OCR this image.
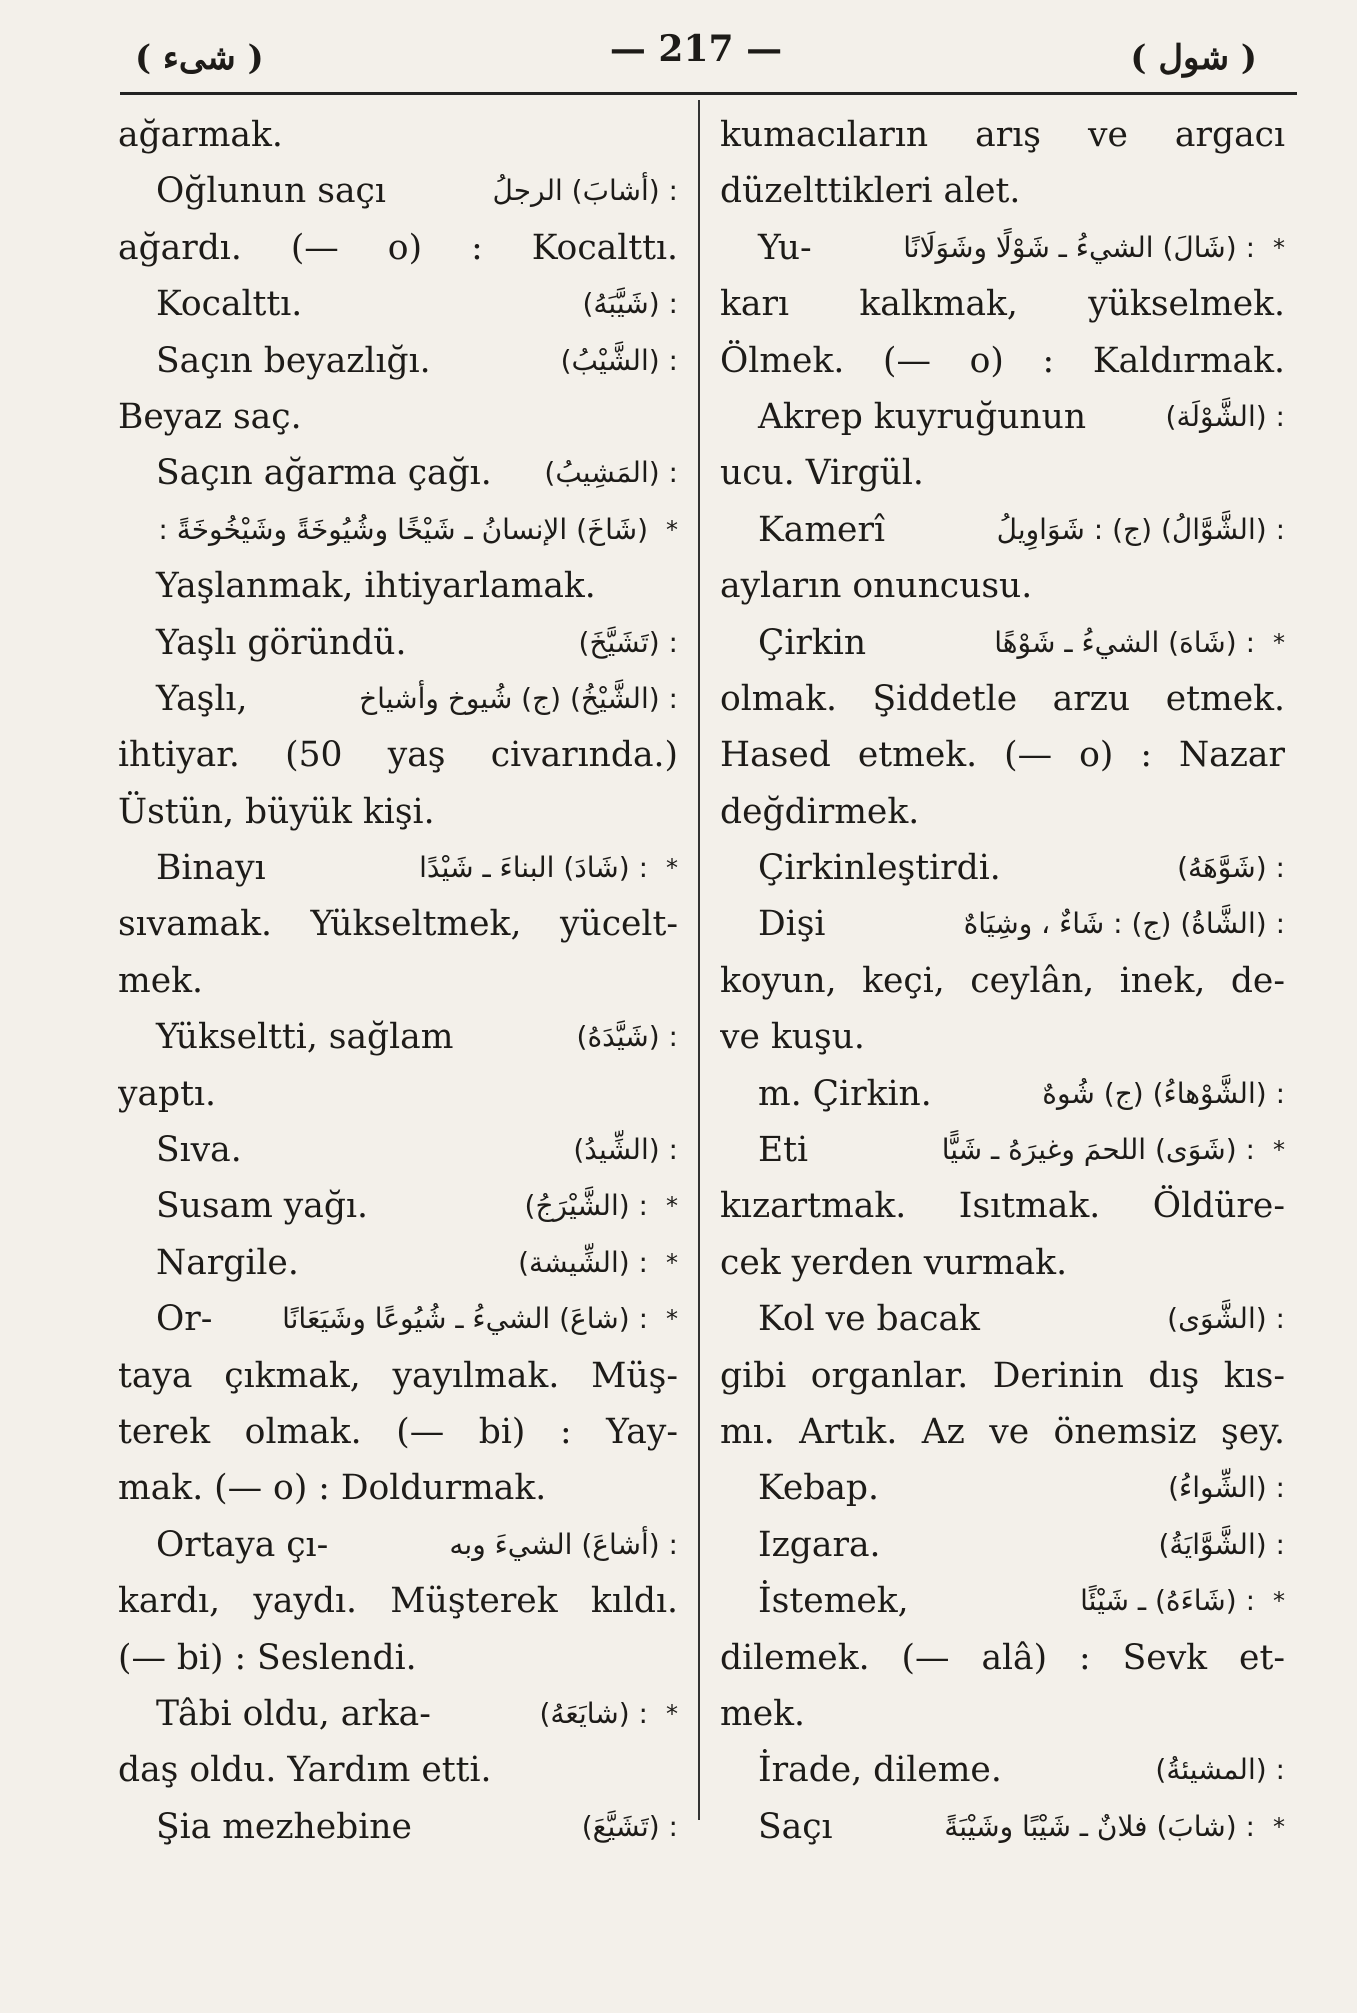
( شىء )	— 217 —	( شول )
ağarmak.
Oğlunun saçı	: (أشابَ) الرجلُ
ağardı. (— o) : Kocalttı.
Kocalttı.	: (شَيَّبَهُ)
Saçın beyazlığı.	: (الشَّيْبُ)
Beyaz saç.
Saçın ağarma çağı. : (المَشِيبُ)
(شَاخَ) الإنسانُ ـ شَيْخًا وشُيُوخَةً وشَيْخُوخَةً : *
Yaşlanmak, ihtiyarlamak.
Yaşlı göründü.	: (تَشَيَّخَ)
Yaşlı,	: (الشَّيْخُ) (ج) شُيوخ وأشياخ
ihtiyar. (50 yaş civarında.)
Üstün, büyük kişi.
Binayı	: (شَادَ) البناءَ ـ شَيْدًا *
sıvamak. Yükseltmek, yücelt-
mek.
Yükseltti, sağlam	: (شَيَّدَهُ)
yaptı.
Sıva.	: (الشِّيدُ)
Susam yağı.	: (الشَّيْرَجُ) *
Nargile.	: (الشِّيشة) *
Or- : (شاعَ) الشيءُ ـ شُيُوعًا وشَيَعَانًا *
taya çıkmak, yayılmak. Müş-
terek olmak. (— bi) : Yay-
mak. (— o) : Doldurmak.
Ortaya çı-	: (أشاعَ) الشيءَ وبه
kardı, yaydı. Müşterek kıldı.
(— bi) : Seslendi.
Tâbi oldu, arka-	: (شايَعَهُ) *
daş oldu. Yardım etti.
Şia mezhebine	: (تَشَيَّعَ)
kumacıların arış ve argacı
düzelttikleri alet.
Yu-	: (شَالَ) الشيءُ ـ شَوْلًا وشَوَلَانًا *
karı kalkmak, yükselmek.
Ölmek. (— o) : Kaldırmak.
Akrep kuyruğunun	: (الشَّوْلَة)
ucu. Virgül.
Kamerî	: (الشَّوَّالُ) (ج) : شَوَاوِيلُ
ayların onuncusu.
Çirkin	: (شَاهَ) الشيءُ ـ شَوْهًا *
olmak. Şiddetle arzu etmek.
Hased etmek. (— o) : Nazar
değdirmek.
Çirkinleştirdi.	: (شَوَّهَهُ)
Dişi	: (الشَّاةُ) (ج) : شَاءٌ ، وشِيَاهٌ
koyun, keçi, ceylân, inek, de-
ve kuşu.
m. Çirkin.	: (الشَّوْهاءُ) (ج) شُوهٌ
Eti	: (شَوَى) اللحمَ وغيرَهُ ـ شَيًّا *
kızartmak. Isıtmak. Öldüre-
cek yerden vurmak.
Kol ve bacak	: (الشَّوَى)
gibi organlar. Derinin dış kıs-
mı. Artık. Az ve önemsiz şey.
Kebap.	: (الشِّواءُ)
Izgara.	: (الشَّوَّايَةُ)
İstemek,	: (شَاءَهُ) ـ شَيْئًا *
dilemek. (— alâ) : Sevk et-
mek.
İrade, dileme.	: (المشيئةُ)
Saçı	: (شابَ) فلانٌ ـ شَيْبًا وشَيْبَةً *
